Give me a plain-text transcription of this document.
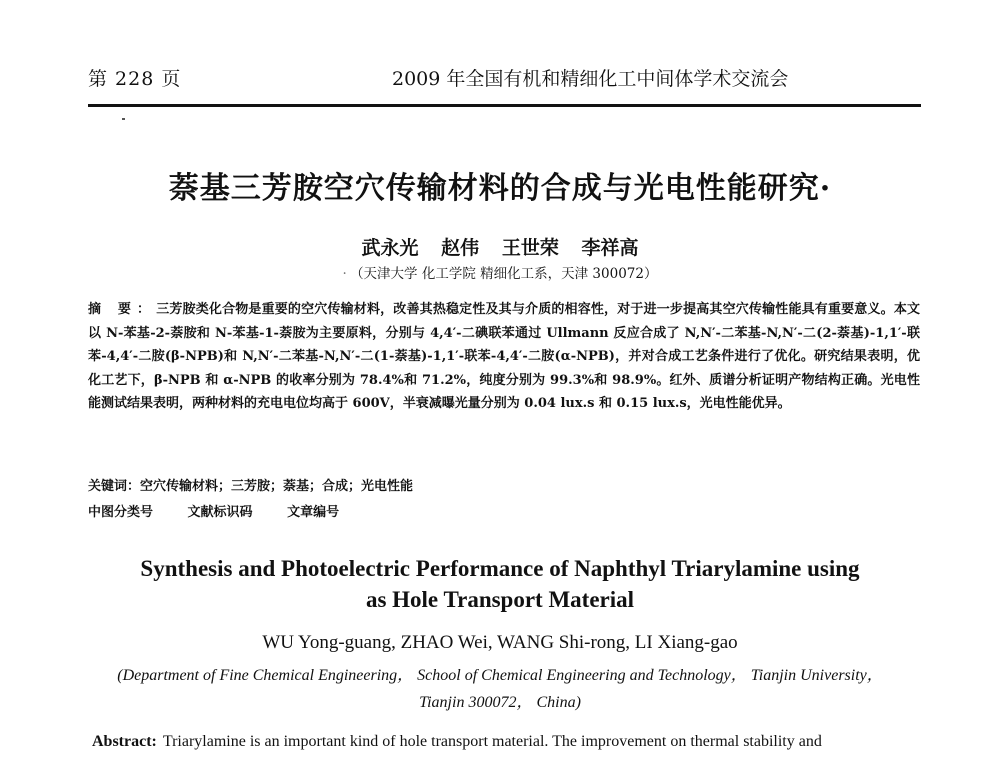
第 228 页	2009 年全国有机和精细化工中间体学术交流会
萘基三芳胺空穴传输材料的合成与光电性能研究·
武永光 赵伟 王世荣 李祥高
· （天津大学 化工学院 精细化工系，天津 300072）
摘 要：三芳胺类化合物是重要的空穴传输材料，改善其热稳定性及其与介质的相容性，对于进一步提高其空穴传输性能具有重要意义。本文以 N-苯基-2-萘胺和 N-苯基-1-萘胺为主要原料，分别与 4,4′-二碘联苯通过 Ullmann 反应合成了 N,N′-二苯基-N,N′-二(2-萘基)-1,1′-联苯-4,4′-二胺(β-NPB)和 N,N′-二苯基-N,N′-二(1-萘基)-1,1′-联苯-4,4′-二胺(α-NPB)，并对合成工艺条件进行了优化。研究结果表明，优化工艺下，β-NPB 和 α-NPB 的收率分别为 78.4%和 71.2%，纯度分别为 99.3%和 98.9%。红外、质谱分析证明产物结构正确。光电性能测试结果表明，两种材料的充电电位均高于 600V，半衰减曝光量分别为 0.04 lux.s 和 0.15 lux.s，光电性能优异。
关键词：空穴传输材料；三芳胺；萘基；合成；光电性能
中图分类号	文献标识码	文章编号
Synthesis and Photoelectric Performance of Naphthyl Triarylamine using
as Hole Transport Material
WU Yong-guang, ZHAO Wei, WANG Shi-rong, LI Xiang-gao
(Department of Fine Chemical Engineering， School of Chemical Engineering and Technology， Tianjin University， Tianjin 300072， China)
Abstract: Triarylamine is an important kind of hole transport material. The improvement on thermal stability and
